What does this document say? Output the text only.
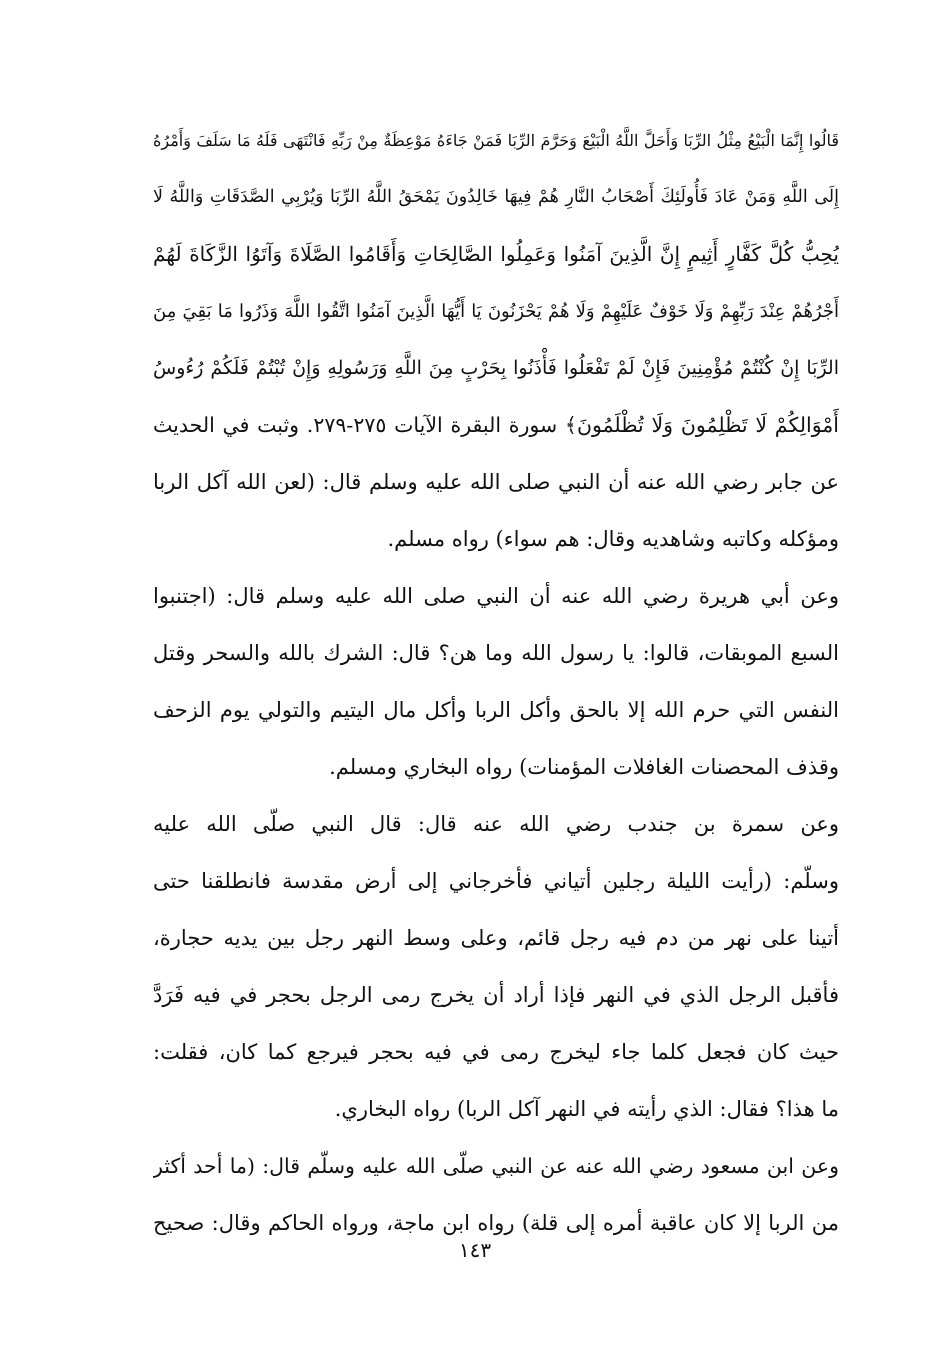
قَالُوا إِنَّمَا الْبَيْعُ مِثْلُ الرِّبَا وَأَحَلَّ اللَّهُ الْبَيْعَ وَحَرَّمَ الرِّبَا فَمَنْ جَاءَهُ مَوْعِظَةٌ مِنْ رَبِّهِ فَانْتَهَى فَلَهُ مَا سَلَفَ وَأَمْرُهُ
إِلَى اللَّهِ وَمَنْ عَادَ فَأُولَئِكَ أَصْحَابُ النَّارِ هُمْ فِيهَا خَالِدُونَ يَمْحَقُ اللَّهُ الرِّبَا وَيُرْبِي الصَّدَقَاتِ وَاللَّهُ لَا
يُحِبُّ كُلَّ كَفَّارٍ أَثِيمٍ إِنَّ الَّذِينَ آمَنُوا وَعَمِلُوا الصَّالِحَاتِ وَأَقَامُوا الصَّلَاةَ وَآتَوُا الزَّكَاةَ لَهُمْ
أَجْرُهُمْ عِنْدَ رَبِّهِمْ وَلَا خَوْفٌ عَلَيْهِمْ وَلَا هُمْ يَحْزَنُونَ يَا أَيُّهَا الَّذِينَ آمَنُوا اتَّقُوا اللَّهَ وَذَرُوا مَا بَقِيَ مِنَ
الرِّبَا إِنْ كُنْتُمْ مُؤْمِنِينَ فَإِنْ لَمْ تَفْعَلُوا فَأْذَنُوا بِحَرْبٍ مِنَ اللَّهِ وَرَسُولِهِ وَإِنْ تُبْتُمْ فَلَكُمْ رُءُوسُ
أَمْوَالِكُمْ لَا تَظْلِمُونَ وَلَا تُظْلَمُونَ﴾ سورة البقرة الآيات ٢٧٥-٢٧٩. وثبت في الحديث
عن جابر رضي الله عنه أن النبي صلى الله عليه وسلم قال: (لعن الله آكل الربا
ومؤكله وكاتبه وشاهديه وقال: هم سواء) رواه مسلم.
وعن أبي هريرة رضي الله عنه أن النبي صلى الله عليه وسلم قال: (اجتنبوا
السبع الموبقات، قالوا: يا رسول الله وما هن؟ قال: الشرك بالله والسحر وقتل
النفس التي حرم الله إلا بالحق وأكل الربا وأكل مال اليتيم والتولي يوم الزحف
وقذف المحصنات الغافلات المؤمنات) رواه البخاري ومسلم.
وعن سمرة بن جندب رضي الله عنه قال: قال النبي صلّى الله عليه
وسلّم: (رأيت الليلة رجلين أتياني فأخرجاني إلى أرض مقدسة فانطلقنا حتى
أتينا على نهر من دم فيه رجل قائم، وعلى وسط النهر رجل بين يديه حجارة،
فأقبل الرجل الذي في النهر فإذا أراد أن يخرج رمى الرجل بحجر في فيه فَرَدَّ
حيث كان فجعل كلما جاء ليخرج رمى في فيه بحجر فيرجع كما كان، فقلت:
ما هذا؟ فقال: الذي رأيته في النهر آكل الربا) رواه البخاري.
وعن ابن مسعود رضي الله عنه عن النبي صلّى الله عليه وسلّم قال: (ما أحد أكثر
من الربا إلا كان عاقبة أمره إلى قلة) رواه ابن ماجة، ورواه الحاكم وقال: صحيح
١٤٣
